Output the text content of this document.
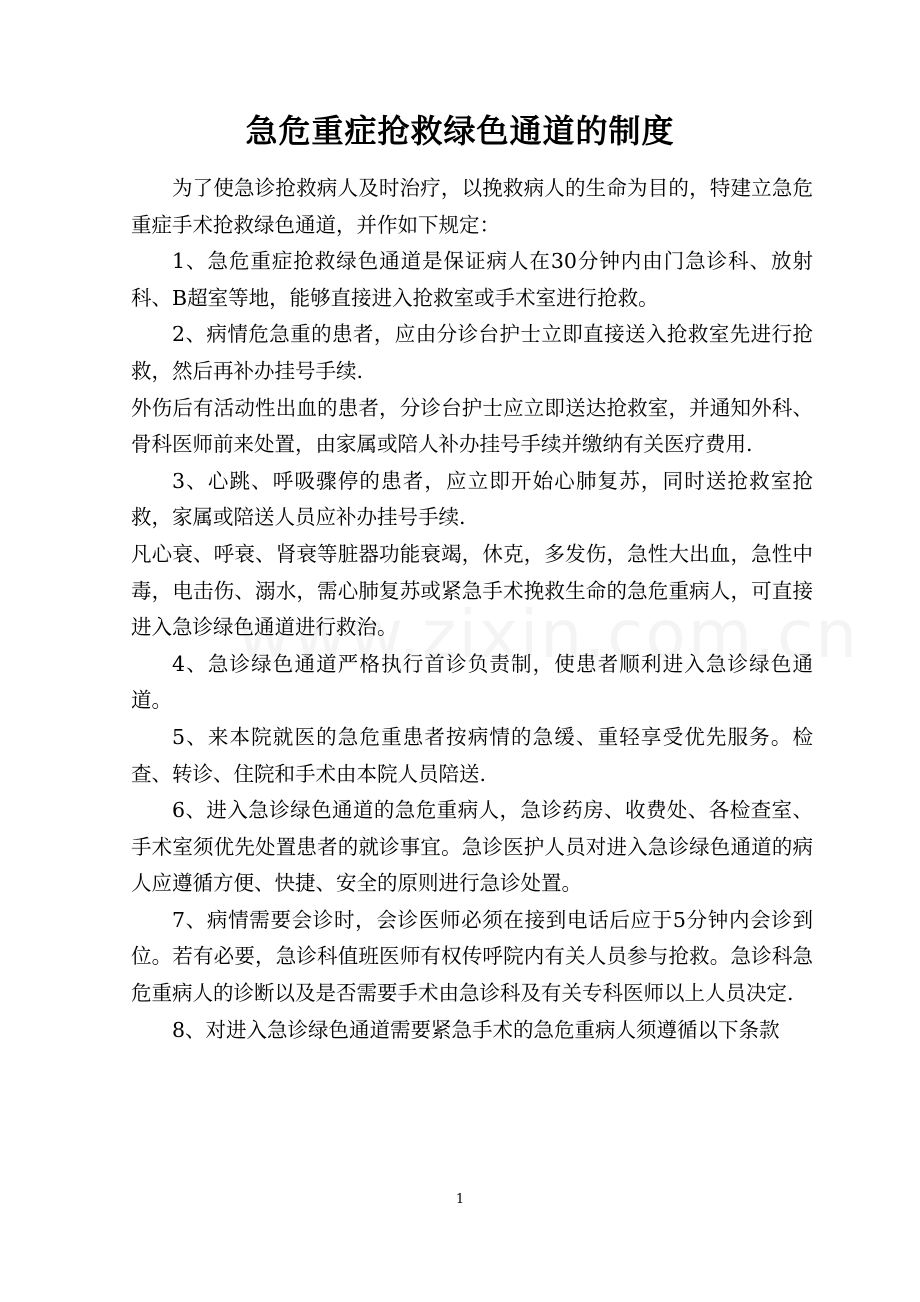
急危重症抢救绿色通道的制度

为了使急诊抢救病人及时治疗，以挽救病人的生命为目的，特建立急危重症手术抢救绿色通道，并作如下规定：

1、急危重症抢救绿色通道是保证病人在30分钟内由门急诊科、放射科、B超室等地，能够直接进入抢救室或手术室进行抢救。

2、病情危急重的患者，应由分诊台护士立即直接送入抢救室先进行抢救，然后再补办挂号手续.

外伤后有活动性出血的患者，分诊台护士应立即送达抢救室，并通知外科、骨科医师前来处置，由家属或陪人补办挂号手续并缴纳有关医疗费用.

3、心跳、呼吸骤停的患者，应立即开始心肺复苏，同时送抢救室抢救，家属或陪送人员应补办挂号手续.

凡心衰、呼衰、肾衰等脏器功能衰竭，休克，多发伤，急性大出血，急性中毒，电击伤、溺水，需心肺复苏或紧急手术挽救生命的急危重病人，可直接进入急诊绿色通道进行救治。

4、急诊绿色通道严格执行首诊负责制，使患者顺利进入急诊绿色通道。

5、来本院就医的急危重患者按病情的急缓、重轻享受优先服务。检查、转诊、住院和手术由本院人员陪送.

6、进入急诊绿色通道的急危重病人，急诊药房、收费处、各检查室、手术室须优先处置患者的就诊事宜。急诊医护人员对进入急诊绿色通道的病人应遵循方便、快捷、安全的原则进行急诊处置。

7、病情需要会诊时，会诊医师必须在接到电话后应于5分钟内会诊到位。若有必要，急诊科值班医师有权传呼院内有关人员参与抢救。急诊科急危重病人的诊断以及是否需要手术由急诊科及有关专科医师以上人员决定.

8、对进入急诊绿色通道需要紧急手术的急危重病人须遵循以下条款

1
